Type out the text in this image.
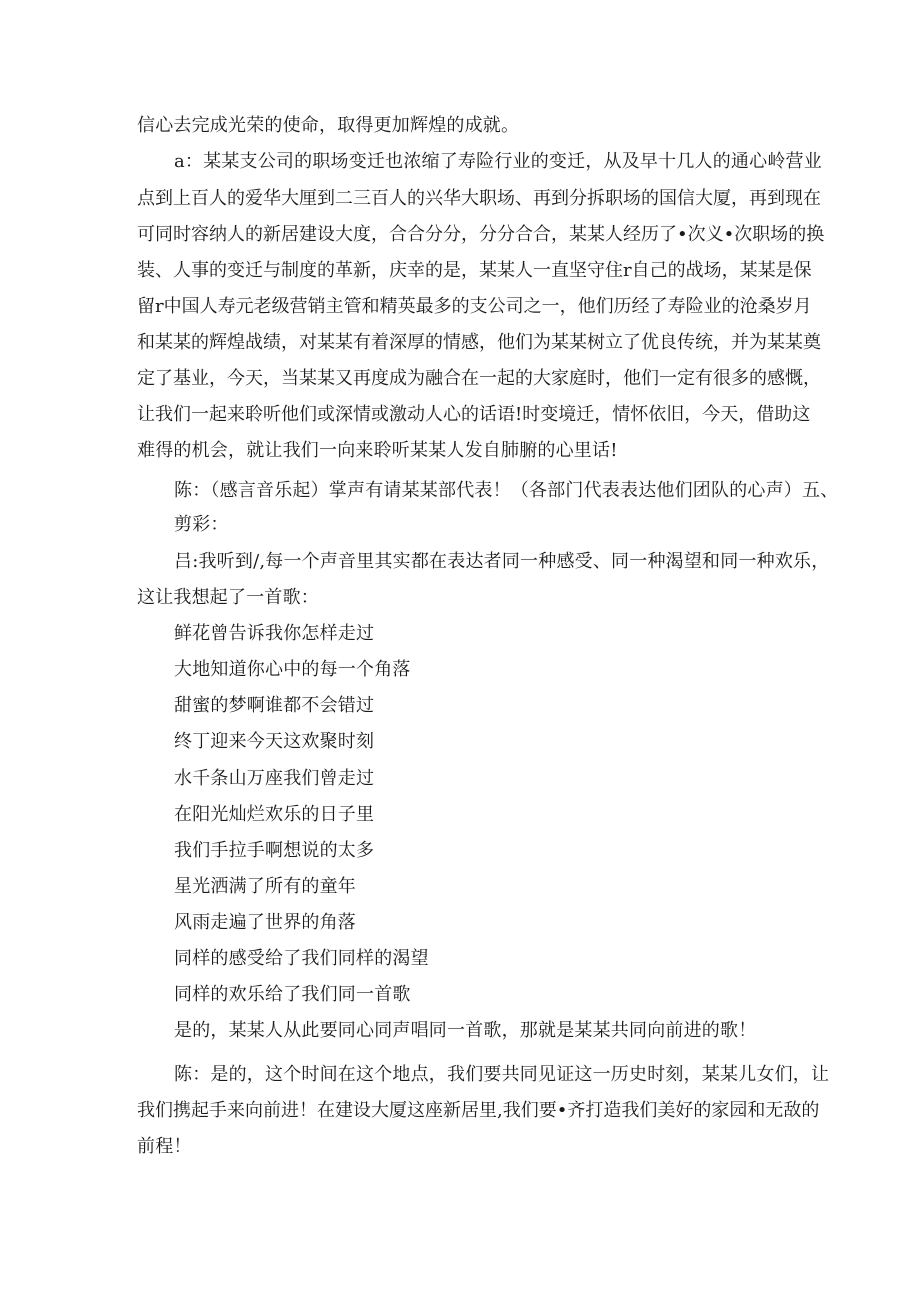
信心去完成光荣的使命，取得更加辉煌的成就。
a：某某支公司的职场变迁也浓缩了寿险行业的变迁，从及早十几人的通心岭营业
点到上百人的爱华大厘到二三百人的兴华大职场、再到分拆职场的国信大厦，再到现在
可同时容纳人的新居建设大度，合合分分，分分合合，某某人经历了•次义•次职场的换
装、人事的变迁与制度的革新，庆幸的是，某某人一直坚守住r自己的战场，某某是保
留r中国人寿元老级营销主管和精英最多的支公司之一，他们历经了寿险业的沧桑岁月
和某某的辉煌战绩，对某某有着深厚的情感，他们为某某树立了优良传统，并为某某奠
定了基业，今天，当某某又再度成为融合在一起的大家庭时，他们一定有很多的感慨，
让我们一起来聆听他们或深情或激动人心的话语!时变境迁，情怀依旧，今天，借助这
难得的机会，就让我们一向来聆听某某人发自肺腑的心里话!
陈：（感言音乐起）掌声有请某某部代表！（各部门代表表达他们团队的心声）五、
剪彩：
吕:我听到/,每一个声音里其实都在表达者同一种感受、同一种渴望和同一种欢乐，
这让我想起了一首歌：
鲜花曾告诉我你怎样走过
大地知道你心中的每一个角落
甜蜜的梦啊谁都不会错过
终丁迎来今天这欢聚时刻
水千条山万座我们曾走过
在阳光灿烂欢乐的日子里
我们手拉手啊想说的太多
星光洒满了所有的童年
风雨走遍了世界的角落
同样的感受给了我们同样的渴望
同样的欢乐给了我们同一首歌
是的，某某人从此要同心同声唱同一首歌，那就是某某共同向前进的歌！
陈：是的，这个时间在这个地点，我们要共同见证这一历史时刻，某某儿女们，让
我们携起手来向前进！在建设大厦这座新居里,我们要•齐打造我们美好的家园和无敌的
前程！
